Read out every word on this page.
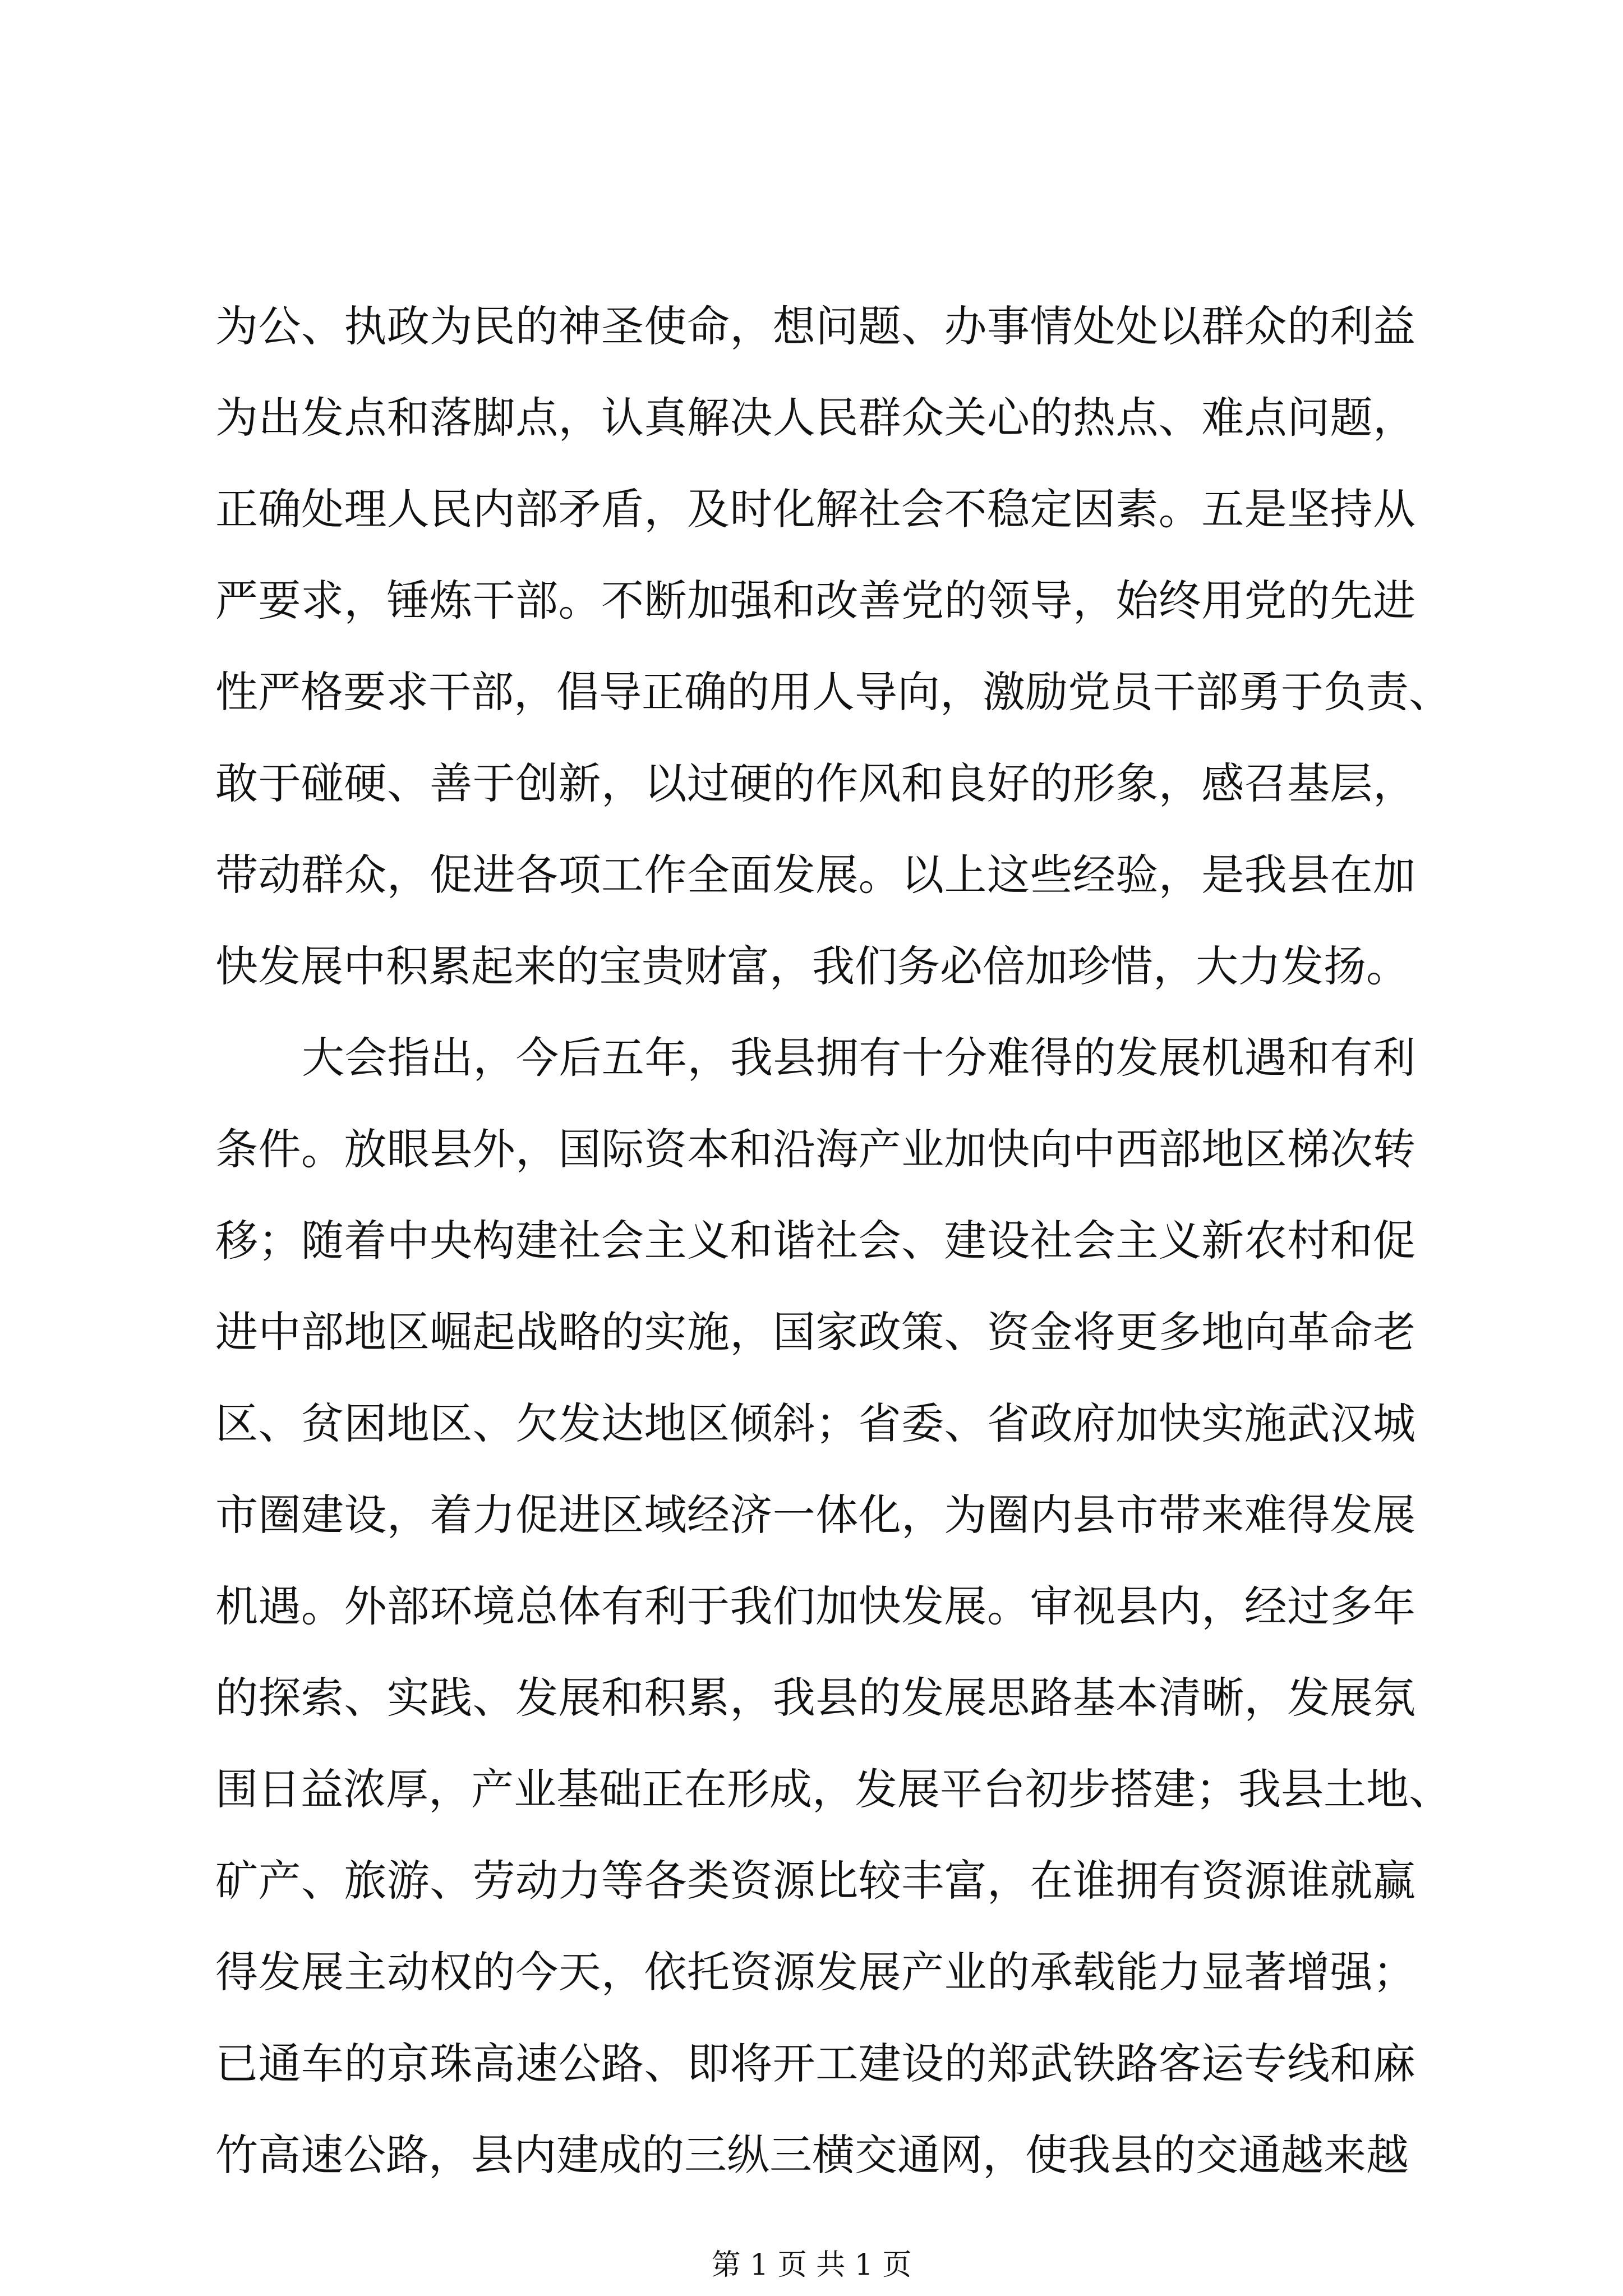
为公、执政为民的神圣使命，想问题、办事情处处以群众的利益
为出发点和落脚点，认真解决人民群众关心的热点、难点问题，
正确处理人民内部矛盾，及时化解社会不稳定因素。五是坚持从
严要求，锤炼干部。不断加强和改善党的领导，始终用党的先进
性严格要求干部，倡导正确的用人导向，激励党员干部勇于负责、
敢于碰硬、善于创新，以过硬的作风和良好的形象，感召基层，
带动群众，促进各项工作全面发展。以上这些经验，是我县在加
快发展中积累起来的宝贵财富，我们务必倍加珍惜，大力发扬。
大会指出，今后五年，我县拥有十分难得的发展机遇和有利
条件。放眼县外，国际资本和沿海产业加快向中西部地区梯次转
移；随着中央构建社会主义和谐社会、建设社会主义新农村和促
进中部地区崛起战略的实施，国家政策、资金将更多地向革命老
区、贫困地区、欠发达地区倾斜；省委、省政府加快实施武汉城
市圈建设，着力促进区域经济一体化，为圈内县市带来难得发展
机遇。外部环境总体有利于我们加快发展。审视县内，经过多年
的探索、实践、发展和积累，我县的发展思路基本清晰，发展氛
围日益浓厚，产业基础正在形成，发展平台初步搭建；我县土地、
矿产、旅游、劳动力等各类资源比较丰富，在谁拥有资源谁就赢
得发展主动权的今天，依托资源发展产业的承载能力显著增强；
已通车的京珠高速公路、即将开工建设的郑武铁路客运专线和麻
竹高速公路，县内建成的三纵三横交通网，使我县的交通越来越
第 1 页 共 1 页
